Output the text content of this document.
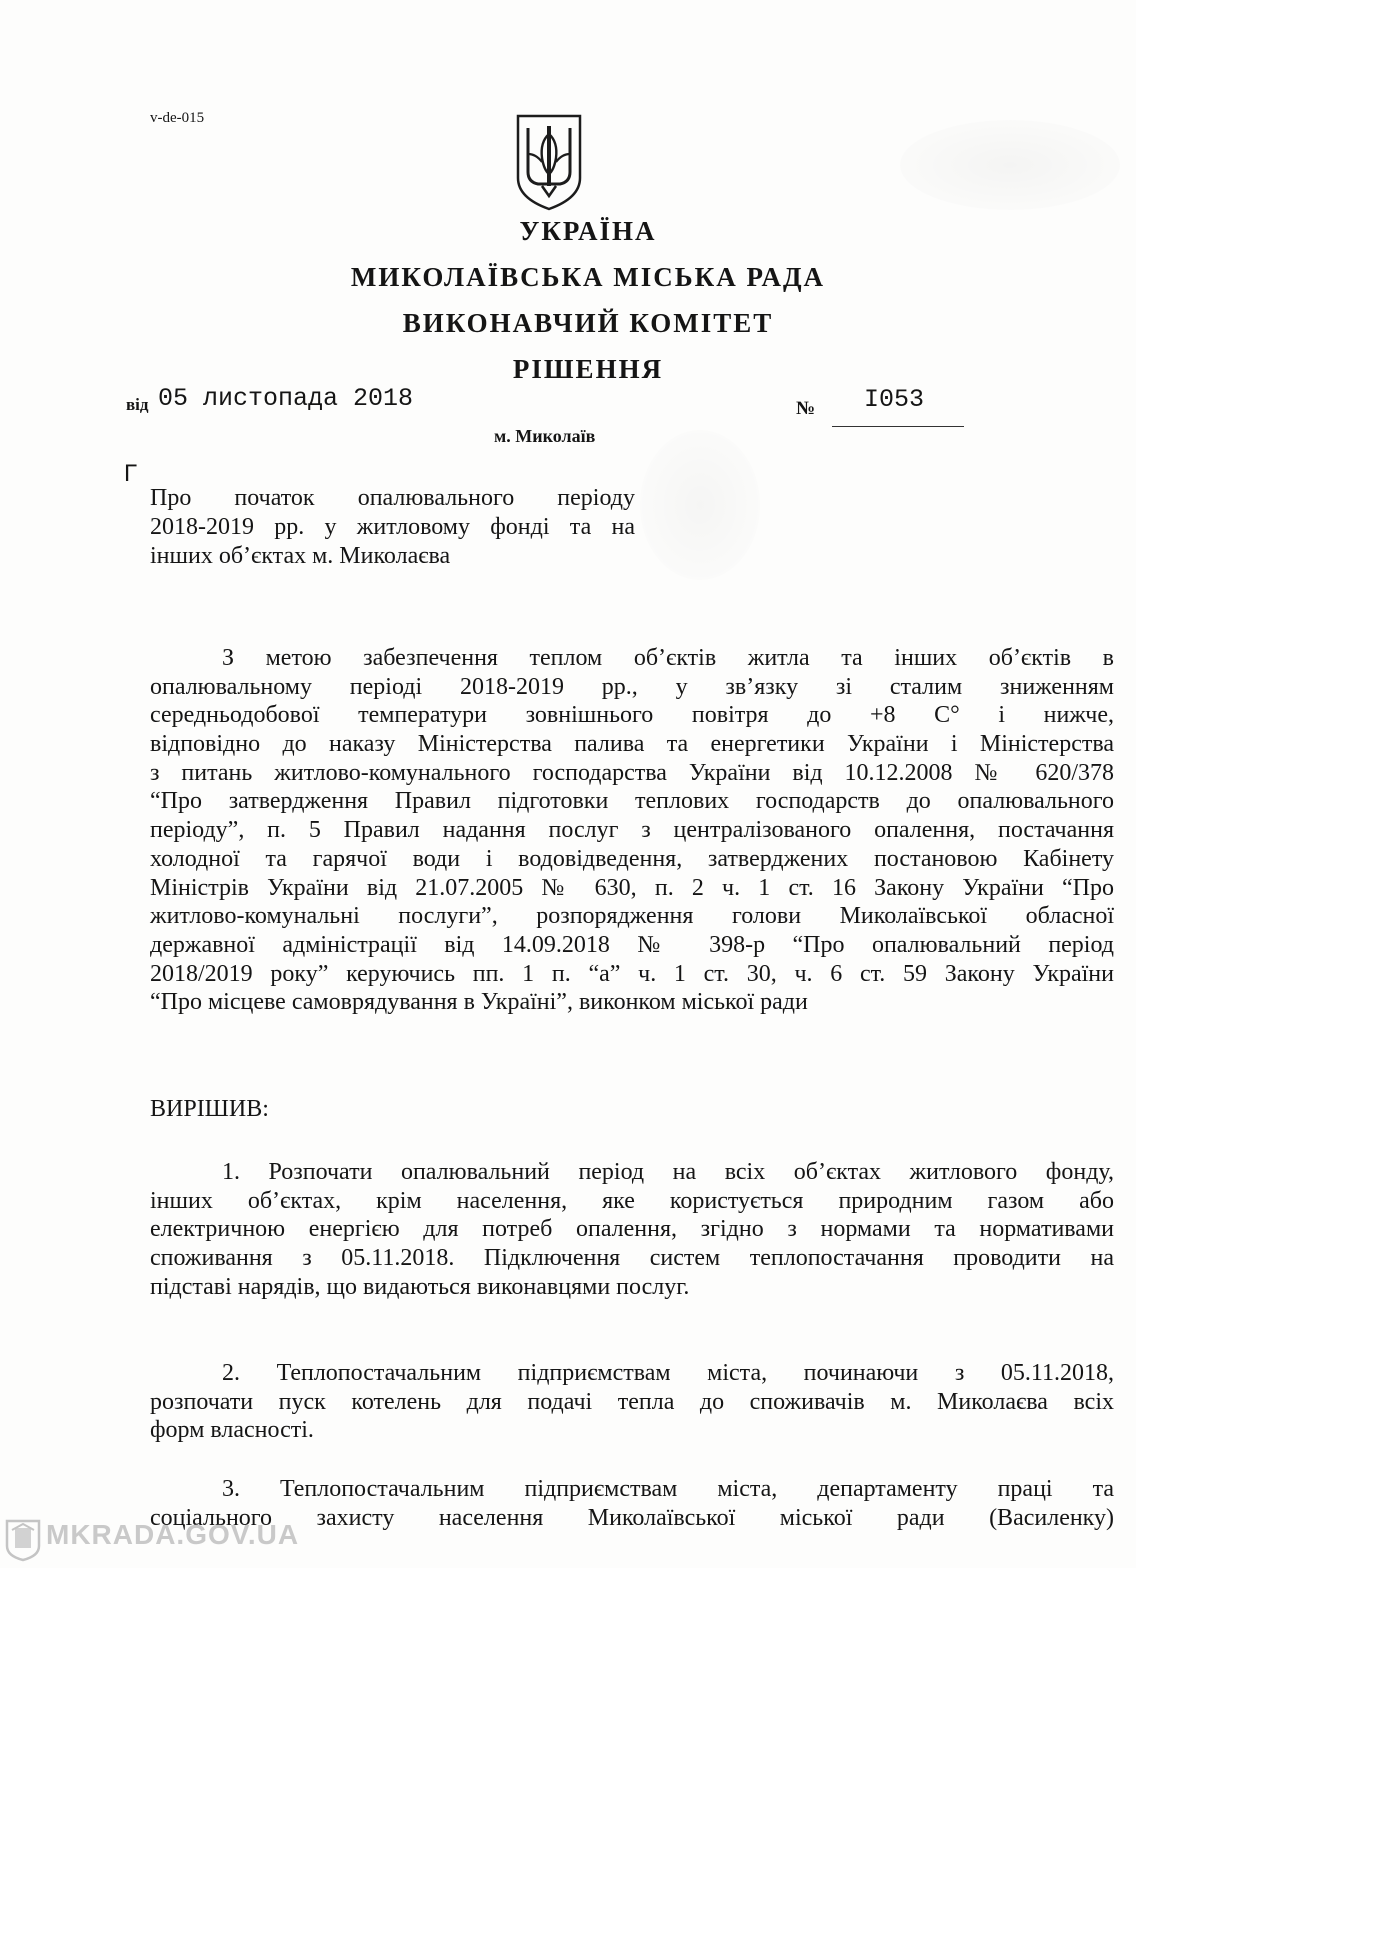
v-de-015
УКРАЇНА
МИКОЛАЇВСЬКА МІСЬКА РАДА
ВИКОНАВЧИЙ КОМІТЕТ
РІШЕННЯ
від 05 листопада 2018	№ І053
м. Миколаїв
Г
Про початок опалювального періоду
2018-2019 рр. у житловому фонді та на
інших об’єктах м. Миколаєва
З метою забезпечення теплом об’єктів житла та інших об’єктів в
опалювальному періоді 2018-2019 рр., у зв’язку зі сталим зниженням
середньодобової температури зовнішнього повітря до +8 С° і нижче,
відповідно до наказу Міністерства палива та енергетики України і Міністерства
з питань житлово-комунального господарства України від 10.12.2008 № 620/378
“Про затвердження Правил підготовки теплових господарств до опалювального
періоду”, п. 5 Правил надання послуг з централізованого опалення, постачання
холодної та гарячої води і водовідведення, затверджених постановою Кабінету
Міністрів України від 21.07.2005 № 630, п. 2 ч. 1 ст. 16 Закону України “Про
житлово-комунальні послуги”, розпорядження голови Миколаївської обласної
державної адміністрації від 14.09.2018 № 398-р “Про опалювальний період
2018/2019 року” керуючись пп. 1 п. “а” ч. 1 ст. 30, ч. 6 ст. 59 Закону України
“Про місцеве самоврядування в Україні”, виконком міської ради
ВИРІШИВ:
1. Розпочати опалювальний період на всіх об’єктах житлового фонду,
інших об’єктах, крім населення, яке користується природним газом або
електричною енергією для потреб опалення, згідно з нормами та нормативами
споживання з 05.11.2018. Підключення систем теплопостачання проводити на
підставі нарядів, що видаються виконавцями послуг.
2. Теплопостачальним підприємствам міста, починаючи з 05.11.2018,
розпочати пуск котелень для подачі тепла до споживачів м. Миколаєва всіх
форм власності.
3. Теплопостачальним підприємствам міста, департаменту праці та
соціального захисту населення Миколаївської міської ради (Василенку)
MKRADA.GOV.UA
